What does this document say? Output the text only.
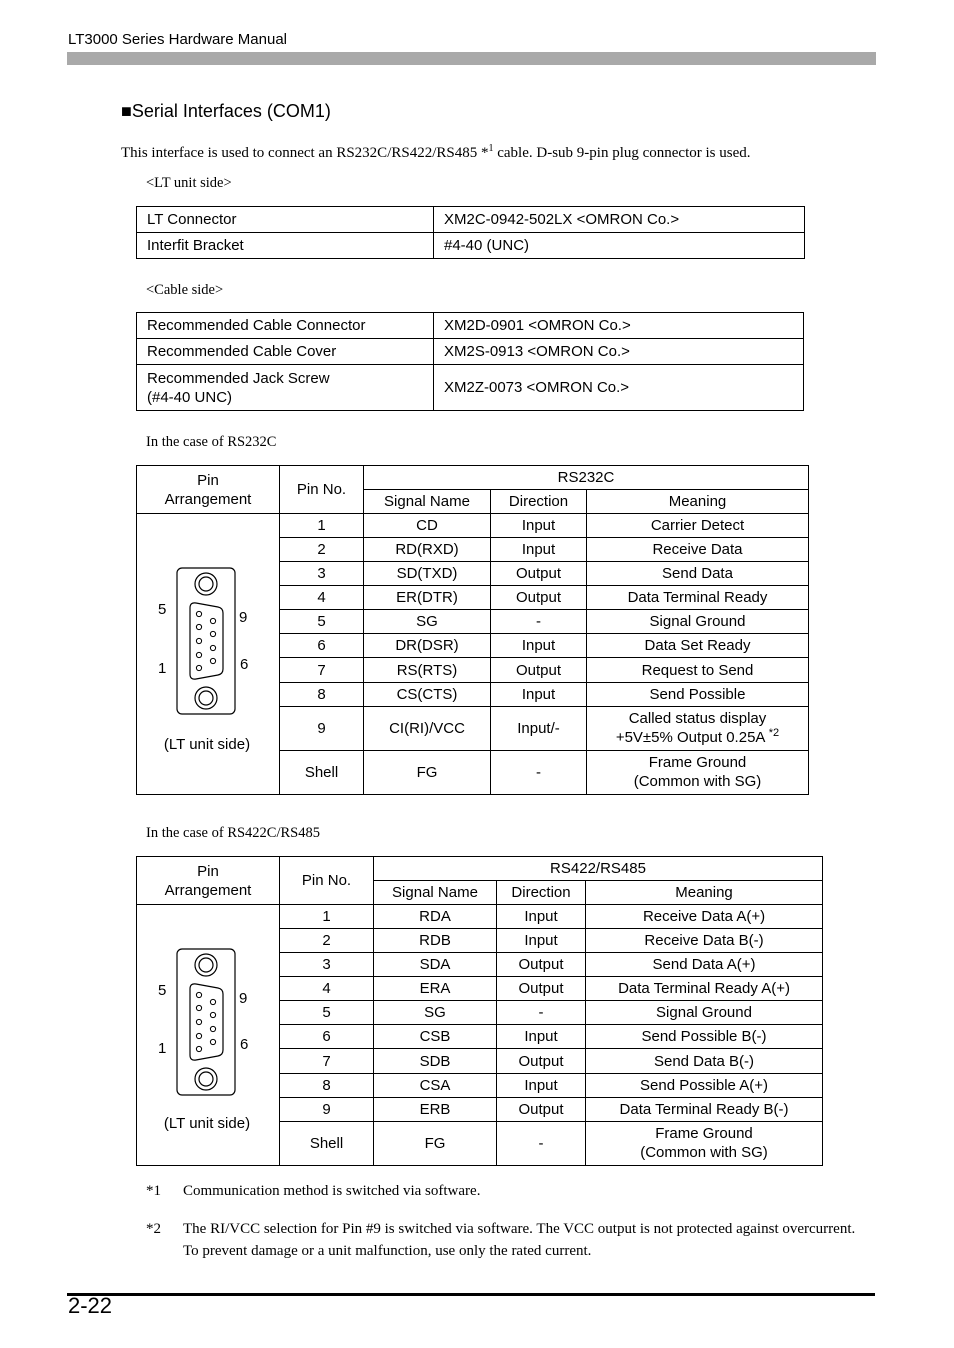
LT3000 Series Hardware Manual
■Serial Interfaces (COM1)
This interface is used to connect an RS232C/RS422/RS485 *$^1$ cable. D-sub 9-pin plug connector is used.
<LT unit side>
LT Connector	XM2C-0942-502LX <OMRON Co.>
Interfit Bracket	#4-40 (UNC)
<Cable side>
Recommended Cable Connector	XM2D-0901 <OMRON Co.>
Recommended Cable Cover	XM2S-0913 <OMRON Co.>
Recommended Jack Screw
(#4-40 UNC)	XM2Z-0073 <OMRON Co.>
In the case of RS232C
Pin
Arrangement	Pin No.	RS232C		
		Signal Name	Direction	Meaning

5 9
1 6
(LT unit side)	1	CD	Input	Carrier Detect
	2	RD(RXD)	Input	Receive Data
	3	SD(TXD)	Output	Send Data
	4	ER(DTR)	Output	Data Terminal Ready
	5	SG	-	Signal Ground
	6	DR(DSR)	Input	Data Set Ready
	7	RS(RTS)	Output	Request to Send
	8	CS(CTS)	Input	Send Possible
	9	CI(RI)/VCC	Input/-	Called status display
+5V±5% Output 0.25A $^{*2}$

	Shell	FG	-	Frame Ground
(Common with SG)
In the case of RS422C/RS485
Pin
Arrangement	Pin No.	RS422/RS485		
		Signal Name	Direction	Meaning

5 9
1 6
(LT unit side)	1	RDA	Input	Receive Data A(+)
	2	RDB	Input	Receive Data B(-)
	3	SDA	Output	Send Data A(+)
	4	ERA	Output	Data Terminal Ready A(+)
	5	SG	-	Signal Ground
	6	CSB	Input	Send Possible B(-)
	7	SDB	Output	Send Data B(-)
	8	CSA	Input	Send Possible A(+)
	9	ERB	Output	Data Terminal Ready B(-)
	Shell	FG	-	Frame Ground
(Common with SG)
*1 Communication method is switched via software.
*2 The RI/VCC selection for Pin #9 is switched via software. The VCC output is not protected against overcurrent. To prevent damage or a unit malfunction, use only the rated current.
2-22
